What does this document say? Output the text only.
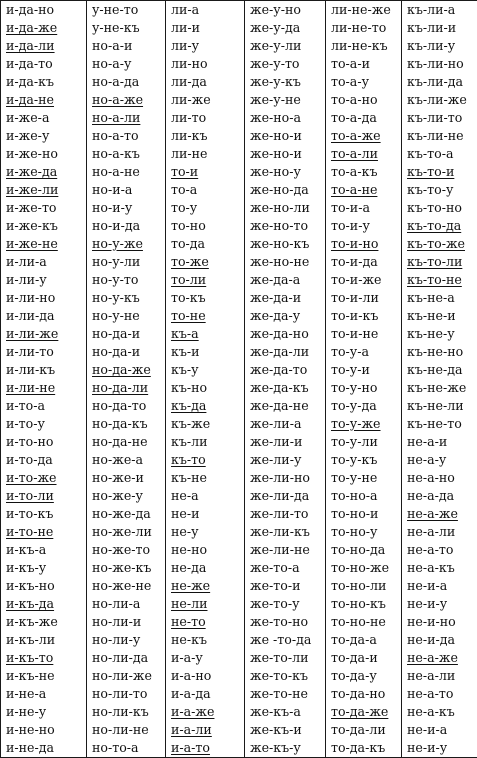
и-да-но	у-не-то	ли-а	же-у-но	ли-не-же	къ-ли-а
и-да-же	у-не-къ	ли-и	же-у-да	ли-не-то	къ-ли-и
и-да-ли	но-а-и	ли-у	же-у-ли	ли-не-къ	къ-ли-у
и-да-то	но-а-у	ли-но	же-у-то	то-а-и	къ-ли-но
и-да-къ	но-а-да	ли-да	же-у-къ	то-а-у	къ-ли-да
и-да-не	но-а-же	ли-же	же-у-не	то-а-но	къ-ли-же
и-же-а	но-а-ли	ли-то	же-но-а	то-а-да	къ-ли-то
и-же-у	но-а-то	ли-къ	же-но-и	то-а-же	къ-ли-не
и-же-но	но-а-къ	ли-не	же-но-и	то-а-ли	къ-то-а
и-же-да	но-а-не	то-и	же-но-у	то-а-къ	къ-то-и
и-же-ли	но-и-а	то-а	же-но-да	то-а-не	къ-то-у
и-же-то	но-и-у	то-у	же-но-ли	то-и-а	къ-то-но
и-же-къ	но-и-да	то-но	же-но-то	то-и-у	къ-то-да
и-же-не	но-у-же	то-да	же-но-къ	то-и-но	къ-то-же
и-ли-а	но-у-ли	то-же	же-но-не	то-и-да	къ-то-ли
и-ли-у	но-у-то	то-ли	же-да-а	то-и-же	къ-то-не
и-ли-но	но-у-къ	то-къ	же-да-и	то-и-ли	къ-не-а
и-ли-да	но-у-не	то-не	же-да-у	то-и-къ	къ-не-и
и-ли-же	но-да-и	къ-а	же-да-но	то-и-не	къ-не-у
и-ли-то	но-да-и	къ-и	же-да-ли	то-у-а	къ-не-но
и-ли-къ	но-да-же	къ-у	же-да-то	то-у-и	къ-не-да
и-ли-не	но-да-ли	къ-но	же-да-къ	то-у-но	къ-не-же
и-то-а	но-да-то	къ-да	же-да-не	то-у-да	къ-не-ли
и-то-у	но-да-къ	къ-же	же-ли-а	то-у-же	къ-не-то
и-то-но	но-да-не	къ-ли	же-ли-и	то-у-ли	не-а-и
и-то-да	но-же-а	къ-то	же-ли-у	то-у-къ	не-а-у
и-то-же	но-же-и	къ-не	же-ли-но	то-у-не	не-а-но
и-то-ли	но-же-у	не-а	же-ли-да	то-но-а	не-а-да
и-то-къ	но-же-да	не-и	же-ли-то	то-но-и	не-а-же
и-то-не	но-же-ли	не-у	же-ли-къ	то-но-у	не-а-ли
и-къ-а	но-же-то	не-но	же-ли-не	то-но-да	не-а-то
и-къ-у	но-же-къ	не-да	же-то-а	то-но-же	не-а-къ
и-къ-но	но-же-не	не-же	же-то-и	то-но-ли	не-и-а
и-къ-да	но-ли-а	не-ли	же-то-у	то-но-къ	не-и-у
и-къ-же	но-ли-и	не-то	же-то-но	то-но-не	не-и-но
и-къ-ли	но-ли-у	не-къ	же -то-да	то-да-а	не-и-да
и-къ-то	но-ли-да	и-а-у	же-то-ли	то-да-и	не-а-же
и-къ-не	но-ли-же	и-а-но	же-то-къ	то-да-у	не-а-ли
и-не-а	но-ли-то	и-а-да	же-то-не	то-да-но	не-а-то
и-не-у	но-ли-къ	и-а-же	же-къ-а	то-да-же	не-а-къ
и-не-но	но-ли-не	и-а-ли	же-къ-и	то-да-ли	не-и-а
и-не-да	но-то-а	и-а-то	же-къ-у	то-да-къ	не-и-у
